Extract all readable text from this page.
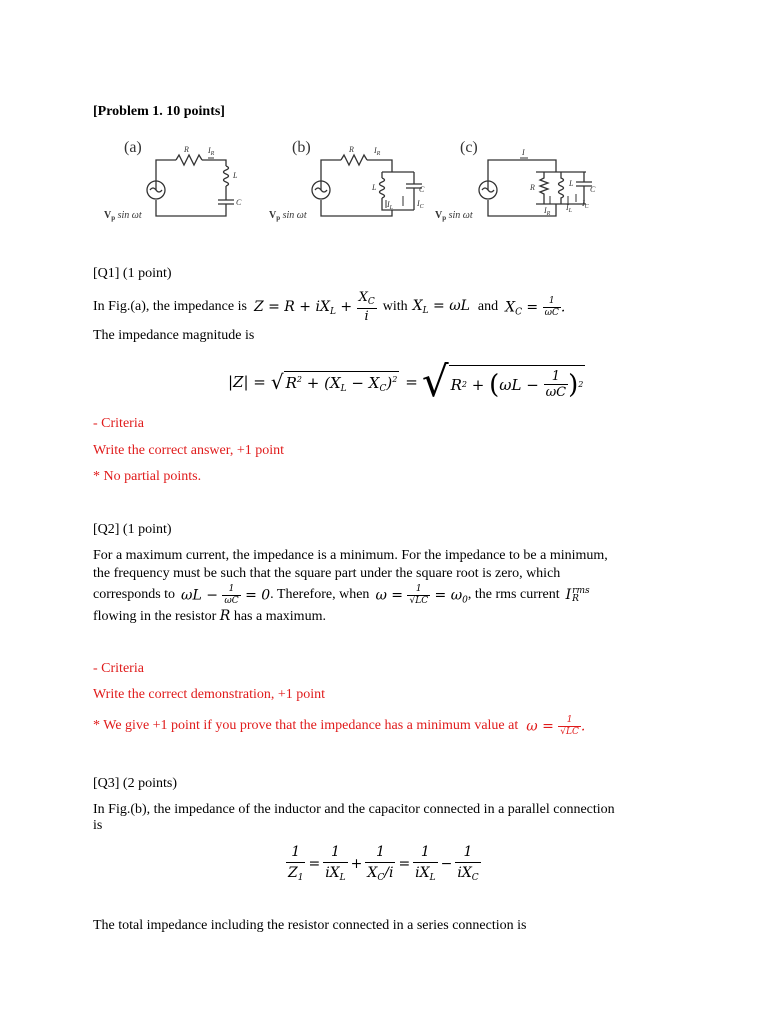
[Problem 1. 10 points]
(a)	R $I_R$
L
C
$V_p$ sin ωt
(b)	R	$I_R$
L	C
$I_L$	$I_C$
$V_p$ sin ωt
(c)	I
R	L
C
$I_R$
$I_L$
$I_C$
$V_p$ sin ωt
[Q1] (1 point)
In Fig.(a), the impedance is $Z = R + iX_L + \frac{X_C}{i}$ with $X_L = \omega L$ and $X_C = \frac{1}{\omega C}$ .
The impedance magnitude is
|Z| = √ $R^2 + (X_L - X_C)^2$ = √ R 2 + ( $\omega L - \frac{1}{\omega C}$ ) 2
- Criteria
Write the correct answer, +1 point
* No partial points.
[Q2] (1 point)
For a maximum current, the impedance is a minimum. For the impedance to be a minimum,
the frequency must be such that the square part under the square root is zero, which
corresponds to $\omega L - \frac{1}{\omega C} = 0$ . Therefore, when $\omega = \frac{1}{√LC} = \omega_0$ , the rms current I rms
R
flowing in the resistor R has a maximum.
- Criteria
Write the correct demonstration, +1 point
* We give +1 point if you prove that the impedance has a minimum value at $\omega = \frac{1}{√LC}$ .
[Q3] (2 points)
In Fig.(b), the impedance of the inductor and the capacitor connected in a parallel connection
is
$\frac{1}{Z_1} = \frac{1}{iX_L} + \frac{1}{X_C/i} = \frac{1}{iX_L} - \frac{1}{iX_C}$
The total impedance including the resistor connected in a series connection is
